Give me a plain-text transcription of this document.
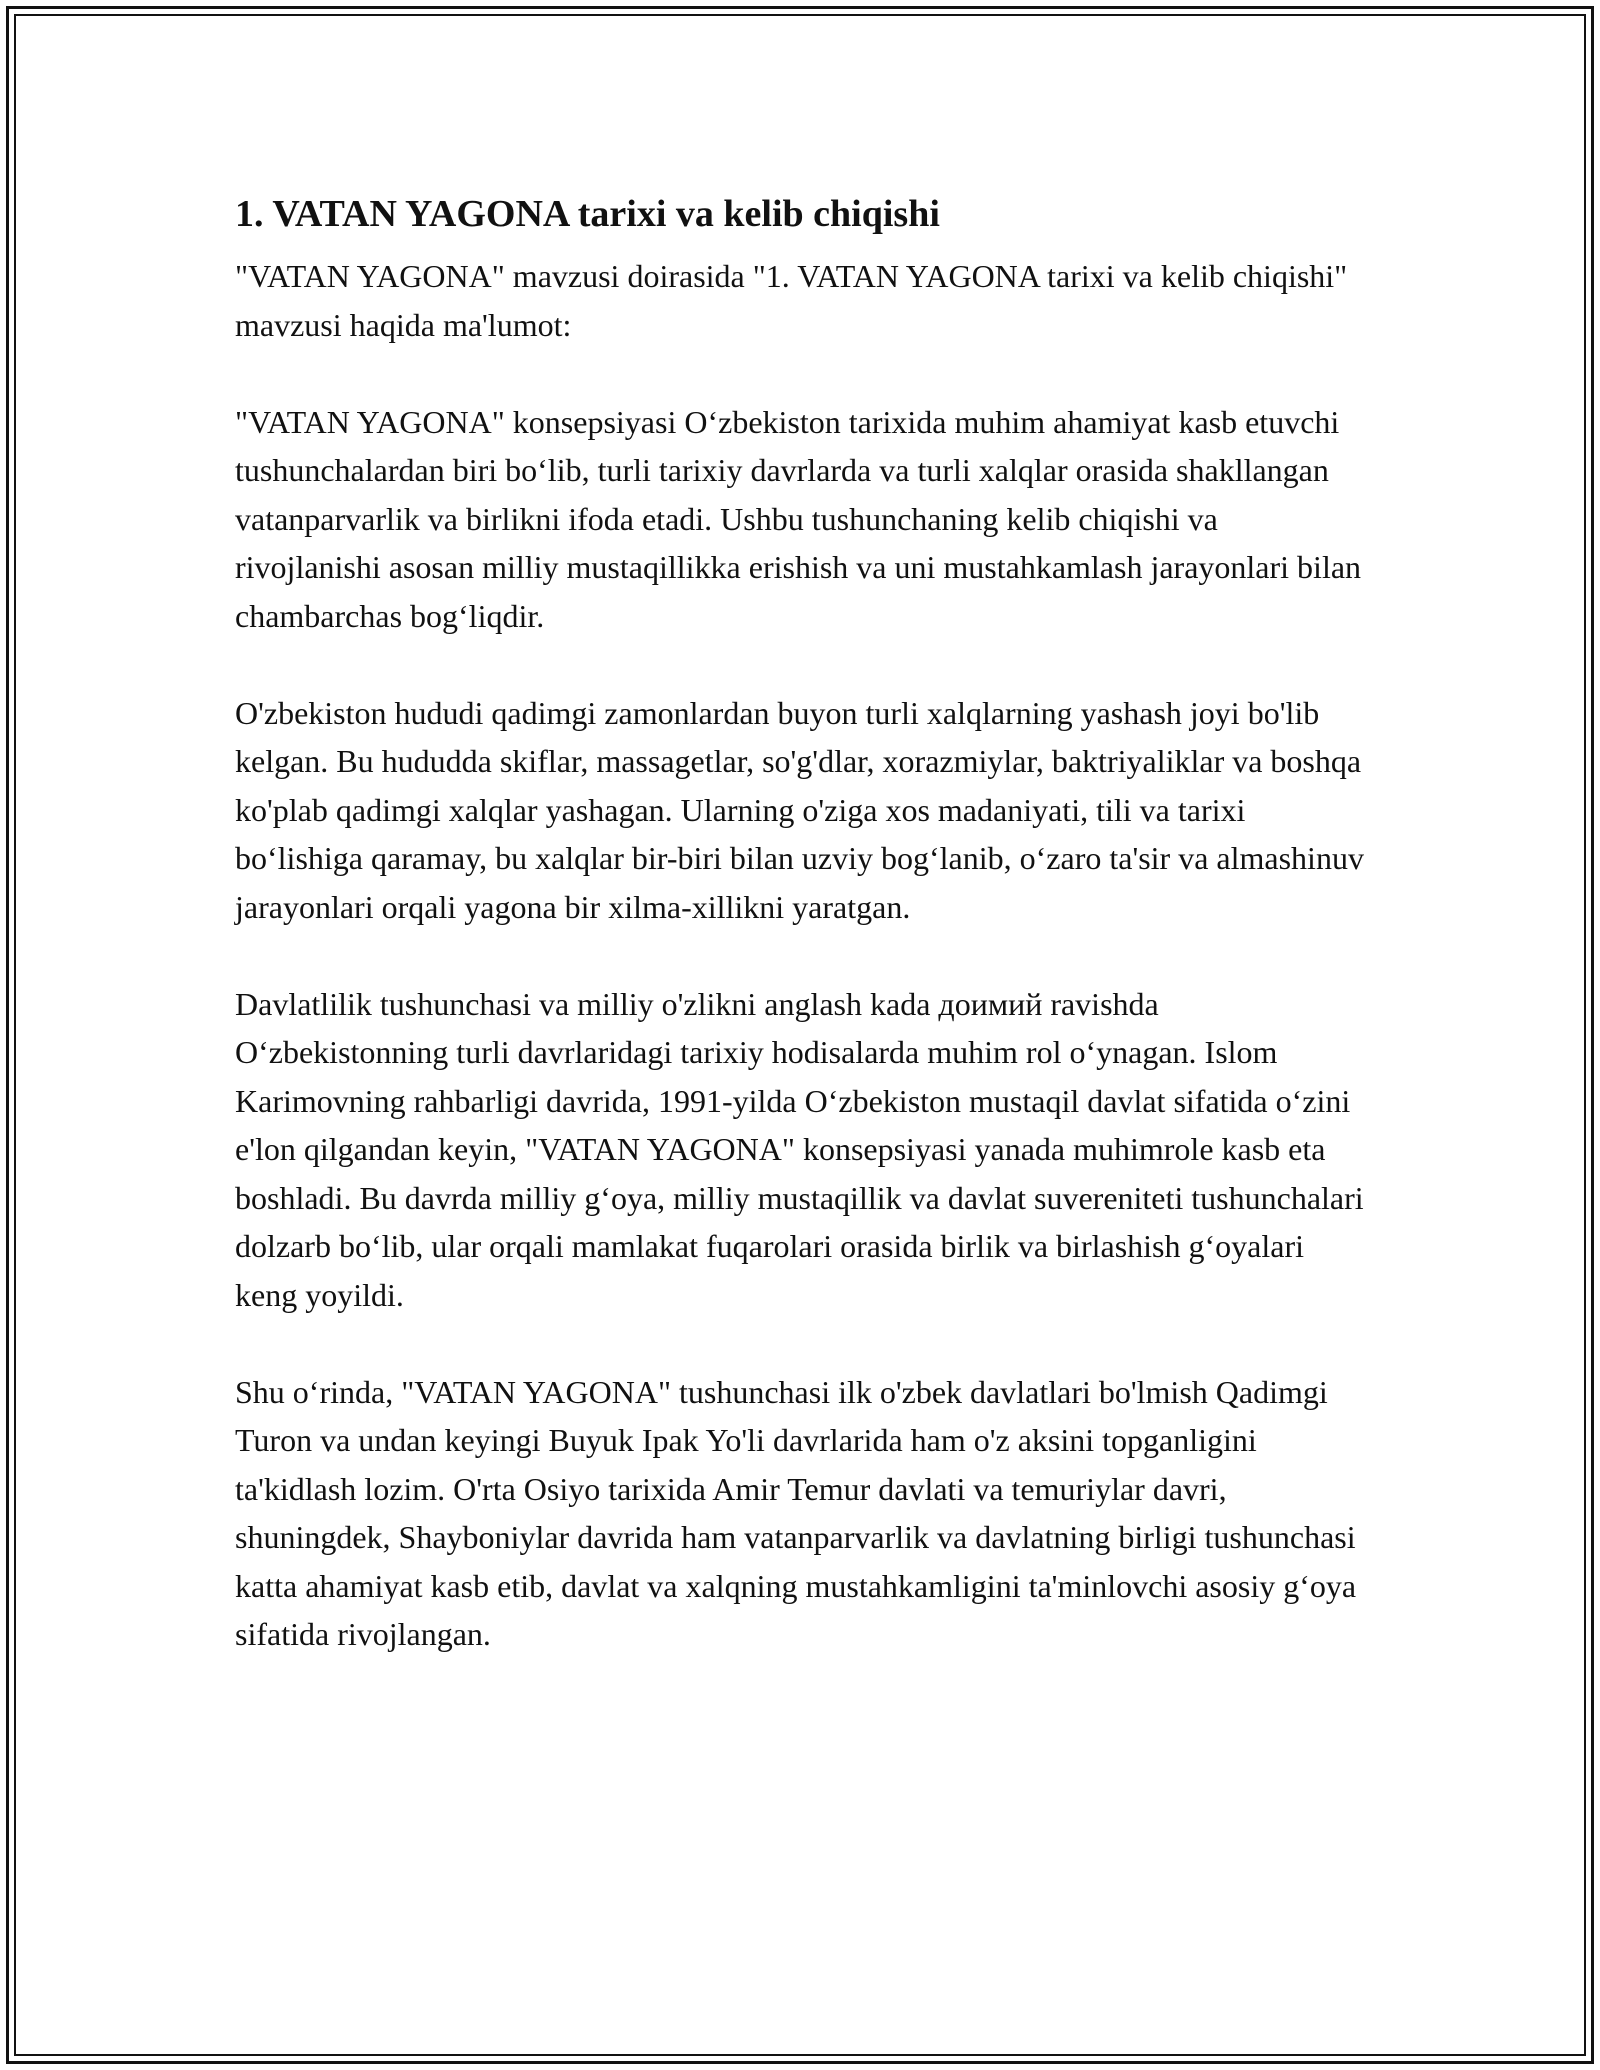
1. VATAN YAGONA tarixi va kelib chiqishi

"VATAN YAGONA" mavzusi doirasida "1. VATAN YAGONA tarixi va kelib chiqishi" mavzusi haqida ma'lumot:

"VATAN YAGONA" konsepsiyasi O‘zbekiston tarixida muhim ahamiyat kasb etuvchi tushunchalardan biri bo‘lib, turli tarixiy davrlarda va turli xalqlar orasida shakllangan vatanparvarlik va birlikni ifoda etadi. Ushbu tushunchaning kelib chiqishi va rivojlanishi asosan milliy mustaqillikka erishish va uni mustahkamlash jarayonlari bilan chambarchas bog‘liqdir.

O'zbekiston hududi qadimgi zamonlardan buyon turli xalqlarning yashash joyi bo'lib kelgan. Bu hududda skiflar, massagetlar, so'g'dlar, xorazmiylar, baktriyaliklar va boshqa ko'plab qadimgi xalqlar yashagan. Ularning o'ziga xos madaniyati, tili va tarixi bo‘lishiga qaramay, bu xalqlar bir-biri bilan uzviy bog‘lanib, o‘zaro ta'sir va almashinuv jarayonlari orqali yagona bir xilma-xillikni yaratgan.

Davlatlilik tushunchasi va milliy o'zlikni anglash kada доимий ravishda O‘zbekistonning turli davrlaridagi tarixiy hodisalarda muhim rol o‘ynagan. Islom Karimovning rahbarligi davrida, 1991-yilda O‘zbekiston mustaqil davlat sifatida o‘zini e'lon qilgandan keyin, "VATAN YAGONA" konsepsiyasi yanada muhimrole kasb eta boshladi. Bu davrda milliy g‘oya, milliy mustaqillik va davlat suvereniteti tushunchalari dolzarb bo‘lib, ular orqali mamlakat fuqarolari orasida birlik va birlashish g‘oyalari keng yoyildi.

Shu o‘rinda, "VATAN YAGONA" tushunchasi ilk o'zbek davlatlari bo'lmish Qadimgi Turon va undan keyingi Buyuk Ipak Yo'li davrlarida ham o'z aksini topganligini ta'kidlash lozim. O'rta Osiyo tarixida Amir Temur davlati va temuriylar davri, shuningdek, Shayboniylar davrida ham vatanparvarlik va davlatning birligi tushunchasi katta ahamiyat kasb etib, davlat va xalqning mustahkamligini ta'minlovchi asosiy g‘oya sifatida rivojlangan.
